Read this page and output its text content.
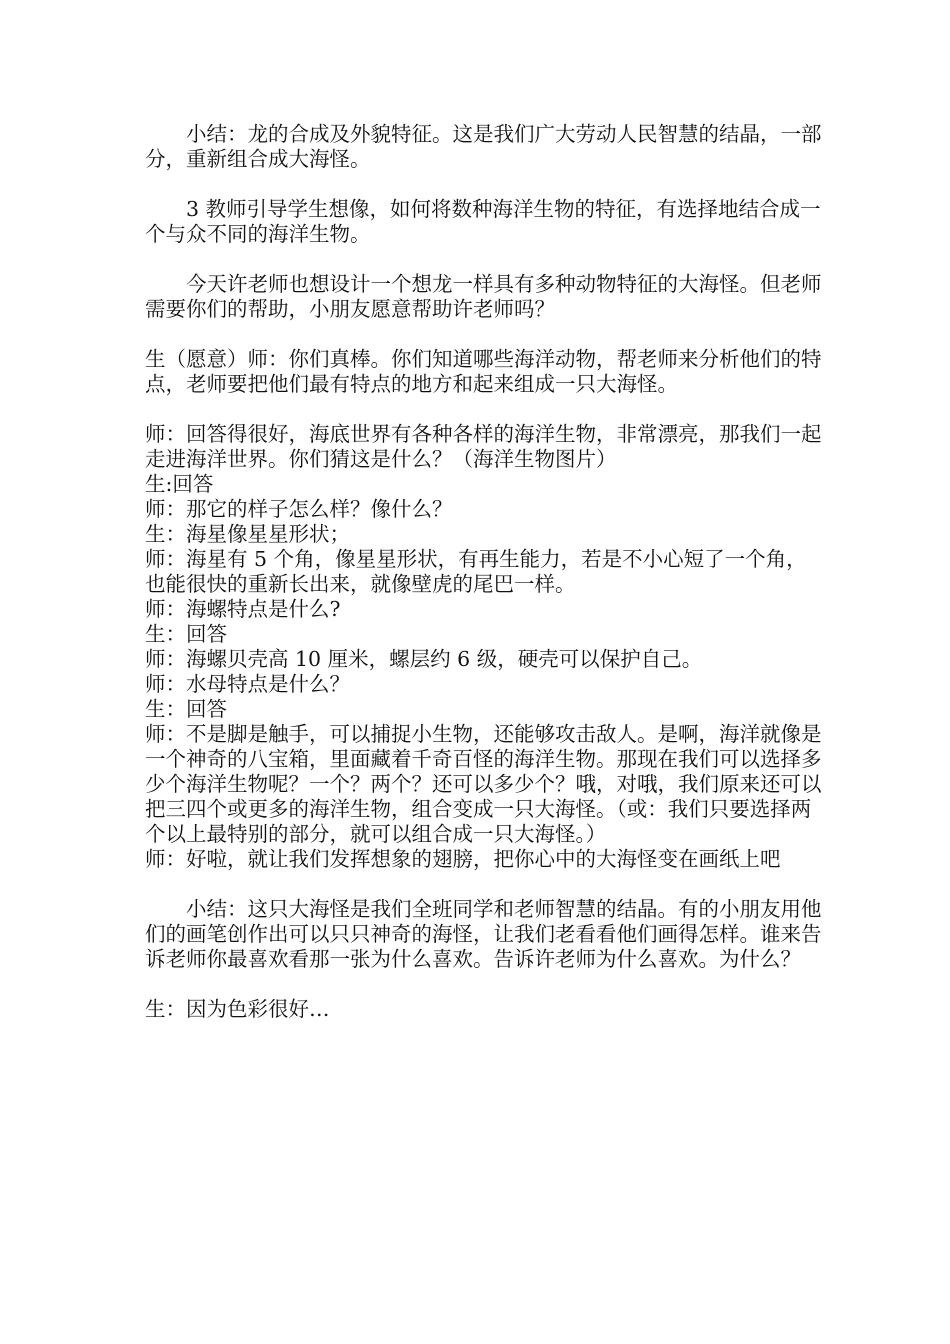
小结：龙的合成及外貌特征。这是我们广大劳动人民智慧的结晶，一部分，重新组合成大海怪。

3 教师引导学生想像，如何将数种海洋生物的特征，有选择地结合成一个与众不同的海洋生物。

今天许老师也想设计一个想龙一样具有多种动物特征的大海怪。但老师需要你们的帮助，小朋友愿意帮助许老师吗？

生（愿意）师：你们真棒。你们知道哪些海洋动物，帮老师来分析他们的特点，老师要把他们最有特点的地方和起来组成一只大海怪。

师：回答得很好，海底世界有各种各样的海洋生物，非常漂亮，那我们一起走进海洋世界。你们猜这是什么？（海洋生物图片）

生:回答

师：那它的样子怎么样？像什么？

生：海星像星星形状；

师：海星有 5 个角，像星星形状，有再生能力，若是不小心短了一个角，也能很快的重新长出来，就像壁虎的尾巴一样。

师：海螺特点是什么?

生：回答

师：海螺贝壳高 10 厘米，螺层约 6 级，硬壳可以保护自己。

师：水母特点是什么？

生：回答

师：不是脚是触手，可以捕捉小生物，还能够攻击敌人。是啊，海洋就像是一个神奇的八宝箱，里面藏着千奇百怪的海洋生物。那现在我们可以选择多少个海洋生物呢？一个？两个？还可以多少个？哦，对哦，我们原来还可以把三四个或更多的海洋生物，组合变成一只大海怪。（或：我们只要选择两个以上最特别的部分，就可以组合成一只大海怪。）

师：好啦，就让我们发挥想象的翅膀，把你心中的大海怪变在画纸上吧

小结：这只大海怪是我们全班同学和老师智慧的结晶。有的小朋友用他们的画笔创作出可以只只神奇的海怪，让我们老看看他们画得怎样。谁来告诉老师你最喜欢看那一张为什么喜欢。告诉许老师为什么喜欢。为什么？

生：因为色彩很好…
